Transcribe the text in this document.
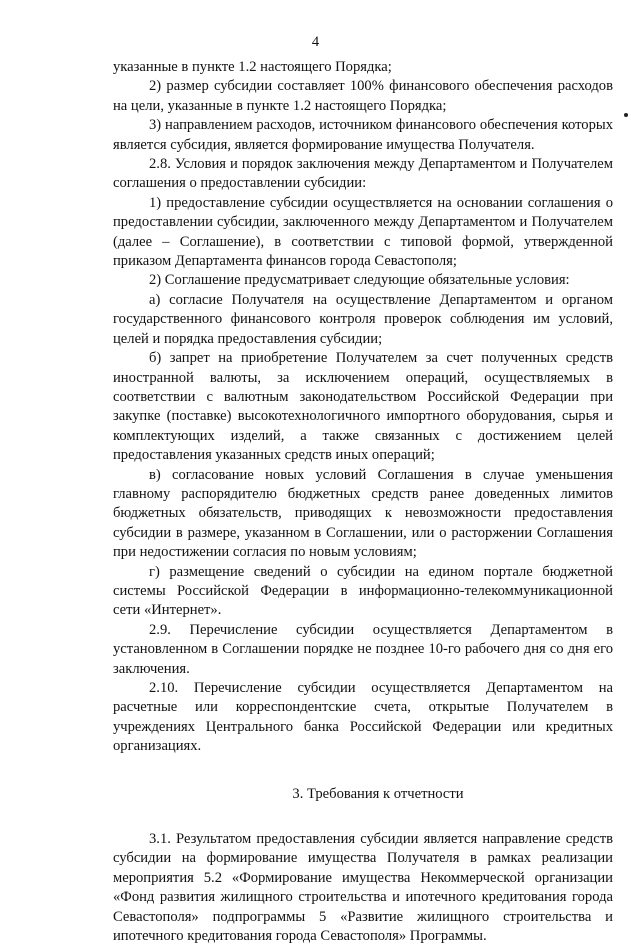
4

указанные в пункте 1.2 настоящего Порядка;

2) размер субсидии составляет 100% финансового обеспечения расходов на цели, указанные в пункте 1.2 настоящего Порядка;

3) направлением расходов, источником финансового обеспечения которых является субсидия, является формирование имущества Получателя.

2.8. Условия и порядок заключения между Департаментом и Получателем соглашения о предоставлении субсидии:

1) предоставление субсидии осуществляется на основании соглашения о предоставлении субсидии, заключенного между Департаментом и Получателем (далее – Соглашение), в соответствии с типовой формой, утвержденной приказом Департамента финансов города Севастополя;

2) Соглашение предусматривает следующие обязательные условия:

а) согласие Получателя на осуществление Департаментом и органом государственного финансового контроля проверок соблюдения им условий, целей и порядка предоставления субсидии;

б) запрет на приобретение Получателем за счет полученных средств иностранной валюты, за исключением операций, осуществляемых в соответствии с валютным законодательством Российской Федерации при закупке (поставке) высокотехнологичного импортного оборудования, сырья и комплектующих изделий, а также связанных с достижением целей предоставления указанных средств иных операций;

в) согласование новых условий Соглашения в случае уменьшения главному распорядителю бюджетных средств ранее доведенных лимитов бюджетных обязательств, приводящих к невозможности предоставления субсидии в размере, указанном в Соглашении, или о расторжении Соглашения при недостижении согласия по новым условиям;

г) размещение сведений о субсидии на едином портале бюджетной системы Российской Федерации в информационно-телекоммуникационной сети «Интернет».

2.9. Перечисление субсидии осуществляется Департаментом в установленном в Соглашении порядке не позднее 10-го рабочего дня со дня его заключения.

2.10. Перечисление субсидии осуществляется Департаментом на расчетные или корреспондентские счета, открытые Получателем в учреждениях Центрального банка Российской Федерации или кредитных организациях.

3. Требования к отчетности

3.1. Результатом предоставления субсидии является направление средств субсидии на формирование имущества Получателя в рамках реализации мероприятия 5.2 «Формирование имущества Некоммерческой организации «Фонд развития жилищного строительства и ипотечного кредитования города Севастополя» подпрограммы 5 «Развитие жилищного строительства и ипотечного кредитования города Севастополя» Программы.
